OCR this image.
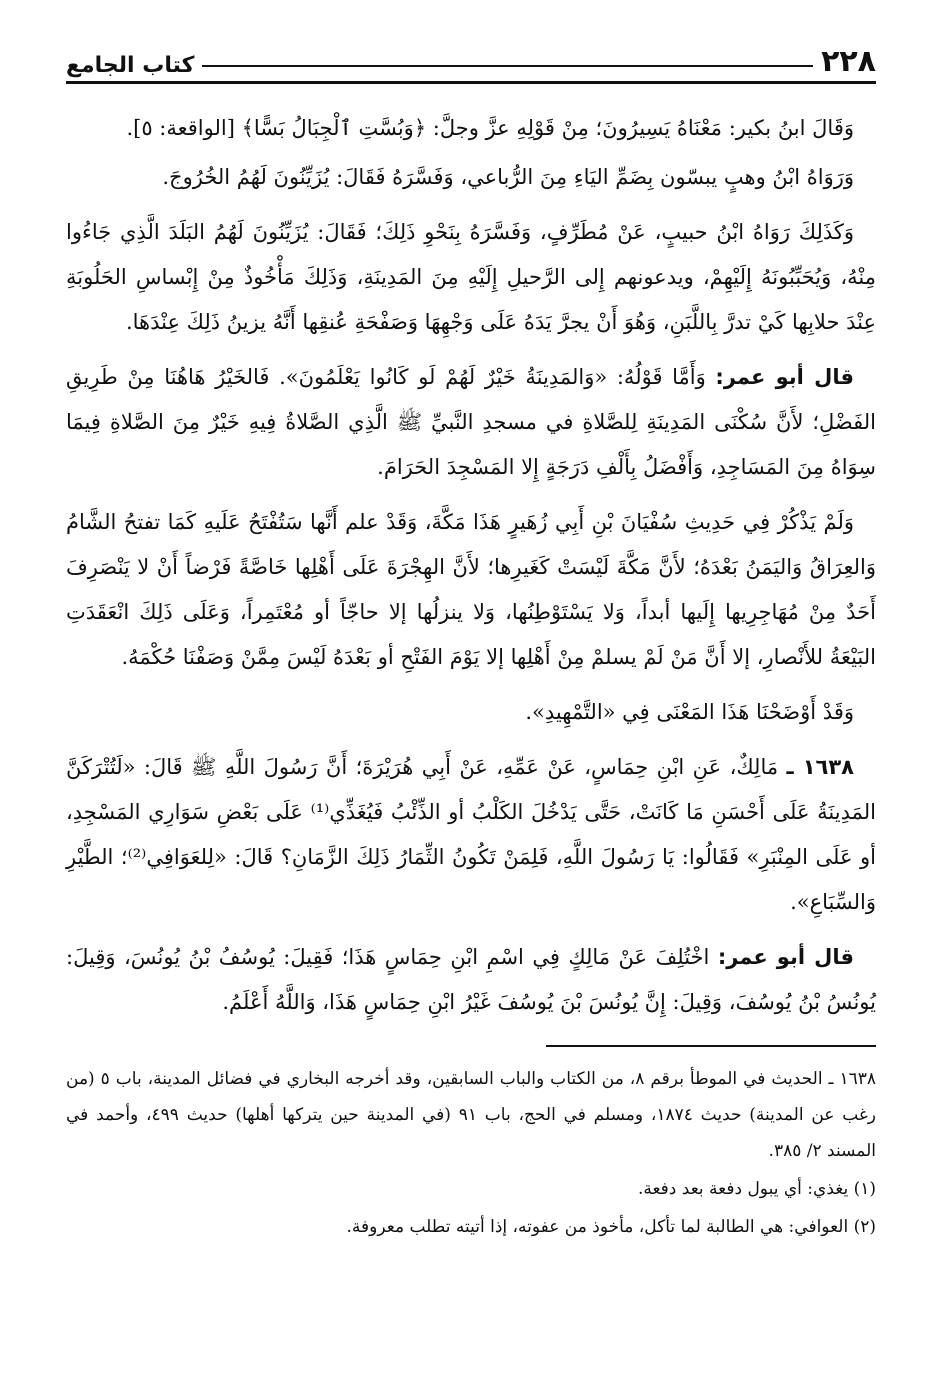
٢٢٨
كتاب الجامع

وَقَالَ ابنُ بكير: مَعْنَاهُ يَسِيرُونَ؛ مِنْ قَوْلِهِ عزَّ وجلَّ: ﴿وَبُسَّتِ ٱلْجِبَالُ بَسًّا﴾ [الواقعة: ٥].

وَرَوَاهُ ابْنُ وهبٍ يبسّون بِضَمِّ اليَاءِ مِنَ الرُّباعي، وَفَسَّرَهُ فَقَالَ: يُزَيِّنُونَ لَهُمُ الخُرُوجَ.

وَكَذَلِكَ رَوَاهُ ابْنُ حبيبٍ، عَنْ مُطَرِّفٍ، وَفَسَّرَهُ بِنَحْوِ ذَلِكَ؛ فَقَالَ: يُزَيِّنُونَ لَهُمُ البَلَدَ الَّذِي جَاءُوا مِنْهُ، وَيُحَبِّبُونَهُ إِلَيْهِمْ، ويدعونهم إِلى الرَّحيلِ إِلَيْهِ مِنَ المَدِينَةِ، وَذَلِكَ مَأْخُوذٌ مِنْ إِبْساسِ الحَلُوبَةِ عِنْدَ حلابِها كَيْ تدرَّ بِاللَّبَنِ، وَهُوَ أَنْ يجرَّ يَدَهُ عَلَى وَجْهِهَا وَصَفْحَةِ عُنقِها أَنَّهُ يزينُ ذَلِكَ عِنْدَهَا.

قال أبو عمر: وَأَمَّا قَوْلُهُ: «وَالمَدِينَةُ خَيْرٌ لَهُمْ لَو كَانُوا يَعْلَمُونَ». فَالخَيْرُ هَاهُنَا مِنْ طَرِيقِ الفَضْلِ؛ لأَنَّ سُكْنَى المَدِينَةِ لِلصَّلاةِ في مسجدِ النَّبيِّ ﷺ الَّذِي الصَّلاةُ فِيهِ خَيْرٌ مِنَ الصَّلاةِ فِيمَا سِوَاهُ مِنَ المَسَاجِدِ، وَأَفْضَلُ بِأَلْفِ دَرَجَةٍ إِلا المَسْجِدَ الحَرَامَ.

وَلَمْ يَذْكُرْ فِي حَدِيثِ سُفْيَانَ بْنِ أَبِي زُهَيرٍ هَذَا مَكَّةَ، وَقَدْ علم أَنَّها سَتُفْتَحُ عَلَيهِ كَمَا تفتحُ الشَّامُ وَالعِرَاقُ وَاليَمَنُ بَعْدَهُ؛ لأَنَّ مَكَّةَ لَيْسَتْ كَغَيرِها؛ لأَنَّ الهِجْرَةَ عَلَى أَهْلِها خَاصَّةً فَرْضاً أَنْ لا يَنْصَرِفَ أَحَدٌ مِنْ مُهَاجِرِيها إِلَيها أبداً، وَلا يَسْتَوْطِنُها، وَلا ينزلُها إلا حاجّاً أو مُعْتَمِراً، وَعَلَى ذَلِكَ انْعَقَدَتِ البَيْعَةُ للأَنْصارِ، إلا أَنَّ مَنْ لَمْ يسلمْ مِنْ أَهْلِها إلا يَوْمَ الفَتْحِ أو بَعْدَهُ لَيْسَ مِمَّنْ وَصَفْنَا حُكْمَهُ.

وَقَدْ أَوْضَحْنَا هَذَا المَعْنَى فِي «التَّمْهِيدِ».

١٦٣٨ ـ مَالِكٌ، عَنِ ابْنِ حِمَاسٍ، عَنْ عَمِّهِ، عَنْ أَبِي هُرَيْرَةَ؛ أَنَّ رَسُولَ اللَّهِ ﷺ قَالَ: «لَتُتْرَكَنَّ المَدِينَةُ عَلَى أَحْسَنِ مَا كَانَتْ، حَتَّى يَدْخُلَ الكَلْبُ أو الذِّئْبُ فَيُغَذِّي⁽¹⁾ عَلَى بَعْضِ سَوَارِي المَسْجِدِ، أو عَلَى المِنْبَرِ» فَقَالُوا: يَا رَسُولَ اللَّهِ، فَلِمَنْ تَكُونُ الثِّمَارُ ذَلِكَ الزَّمَانِ؟ قَالَ: «لِلعَوَافِي⁽²⁾؛ الطَّيْرِ وَالسِّبَاعِ».

قال أبو عمر: اخْتُلِفَ عَنْ مَالِكٍ فِي اسْمِ ابْنِ حِمَاسٍ هَذَا؛ فَقِيلَ: يُوسُفُ بْنُ يُونُسَ، وَقِيلَ: يُونُسُ بْنُ يُوسُفَ، وَقِيلَ: إِنَّ يُونُسَ بْنَ يُوسُفَ غَيْرُ ابْنِ حِمَاسٍ هَذَا، وَاللَّهُ أَعْلَمُ.

١٦٣٨ ـ الحديث في الموطأ برقم ٨، من الكتاب والباب السابقين، وقد أخرجه البخاري في فضائل المدينة، باب ٥ (من رغب عن المدينة) حديث ١٨٧٤، ومسلم في الحج، باب ٩١ (في المدينة حين يتركها أهلها) حديث ٤٩٩، وأحمد في المسند ٢/ ٣٨٥.

(١) يغذي: أي يبول دفعة بعد دفعة.

(٢) العوافي: هي الطالبة لما تأكل، مأخوذ من عفوته، إذا أتيته تطلب معروفة.
